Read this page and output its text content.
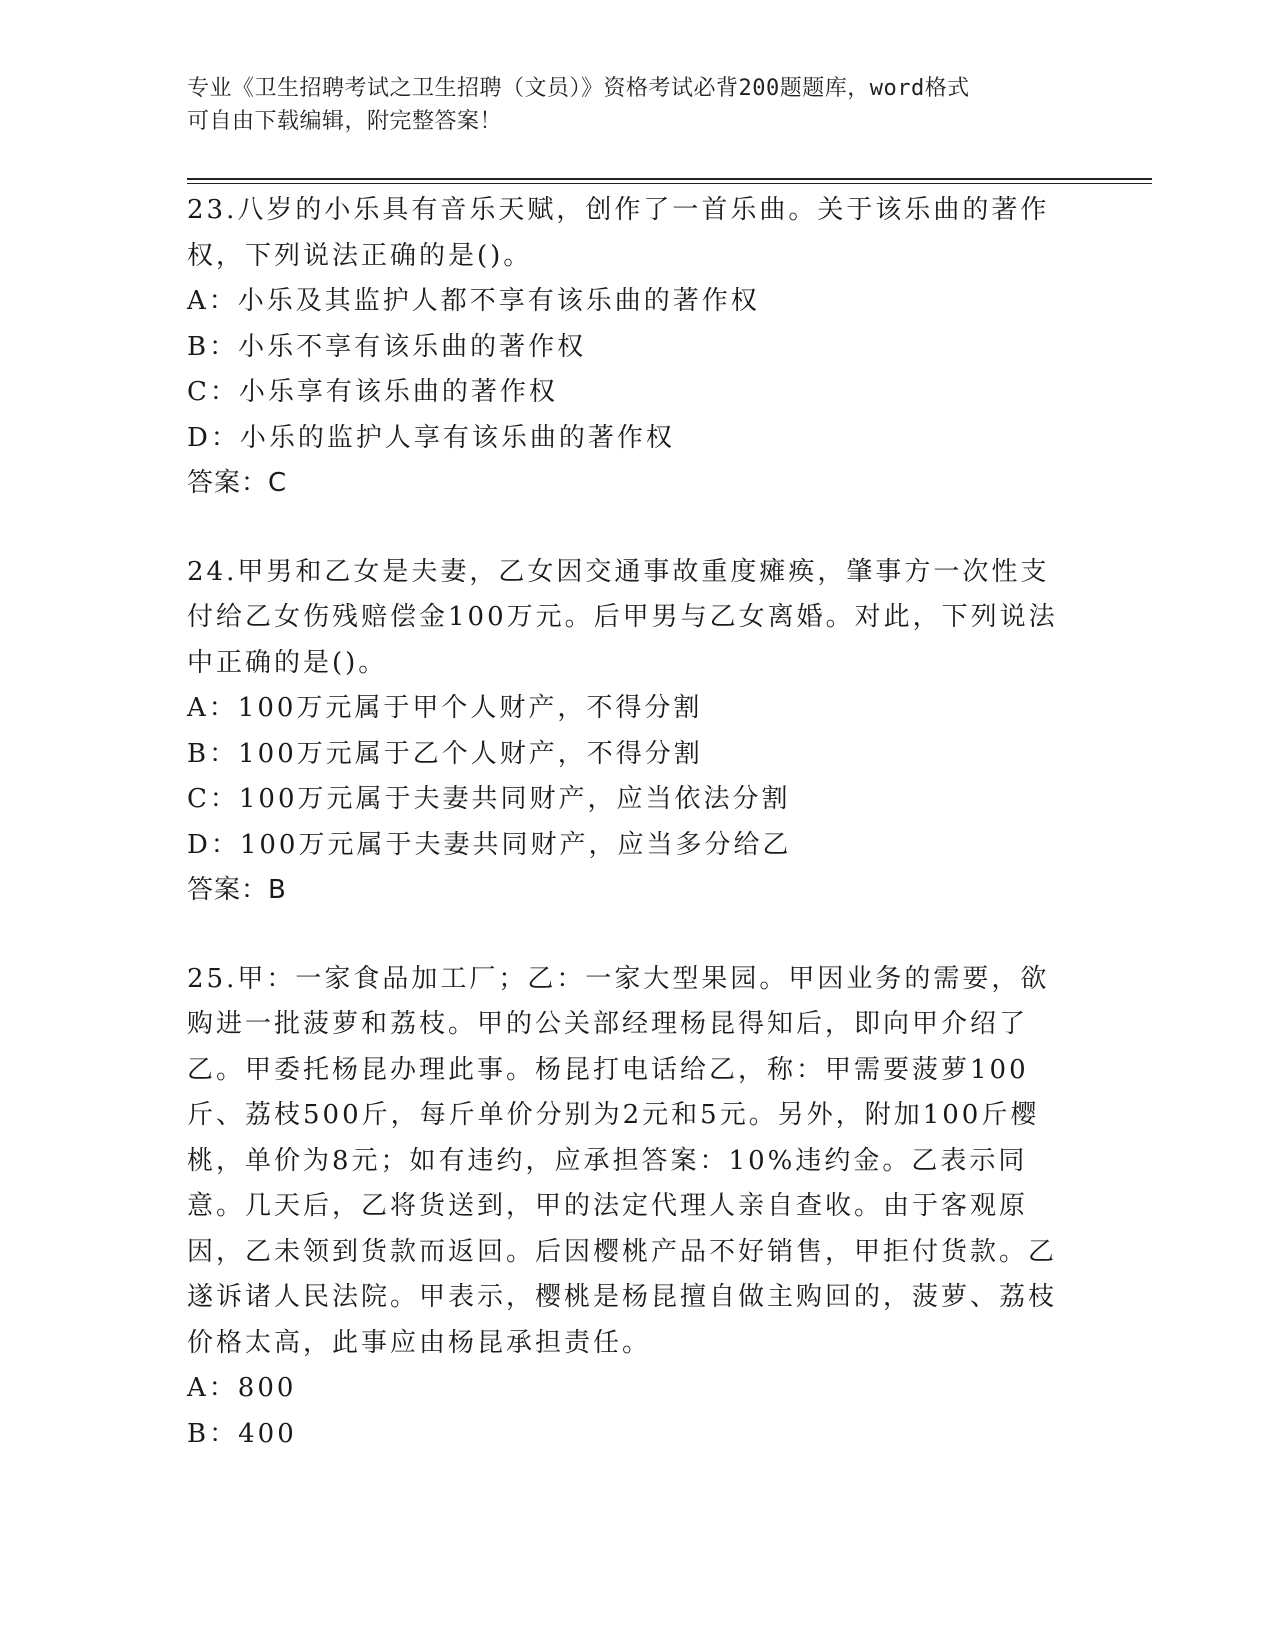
专业《卫生招聘考试之卫生招聘（文员）》资格考试必背200题题库，word格式
可自由下载编辑，附完整答案！

23.八岁的小乐具有音乐天赋，创作了一首乐曲。关于该乐曲的著作权，下列说法正确的是()。

A：小乐及其监护人都不享有该乐曲的著作权

B：小乐不享有该乐曲的著作权

C：小乐享有该乐曲的著作权

D：小乐的监护人享有该乐曲的著作权

答案：C

24.甲男和乙女是夫妻，乙女因交通事故重度瘫痪，肇事方一次性支付给乙女伤残赔偿金100万元。后甲男与乙女离婚。对此，下列说法中正确的是()。

A：100万元属于甲个人财产，不得分割

B：100万元属于乙个人财产，不得分割

C：100万元属于夫妻共同财产，应当依法分割

D：100万元属于夫妻共同财产，应当多分给乙

答案：B

25.甲：一家食品加工厂；乙：一家大型果园。甲因业务的需要，欲购进一批菠萝和荔枝。甲的公关部经理杨昆得知后，即向甲介绍了乙。甲委托杨昆办理此事。杨昆打电话给乙，称：甲需要菠萝100斤、荔枝500斤，每斤单价分别为2元和5元。另外，附加100斤樱桃，单价为8元；如有违约，应承担答案：10%违约金。乙表示同意。几天后，乙将货送到，甲的法定代理人亲自查收。由于客观原因，乙未领到货款而返回。后因樱桃产品不好销售，甲拒付货款。乙遂诉诸人民法院。甲表示，樱桃是杨昆擅自做主购回的，菠萝、荔枝价格太高，此事应由杨昆承担责任。

A：800

B：400
